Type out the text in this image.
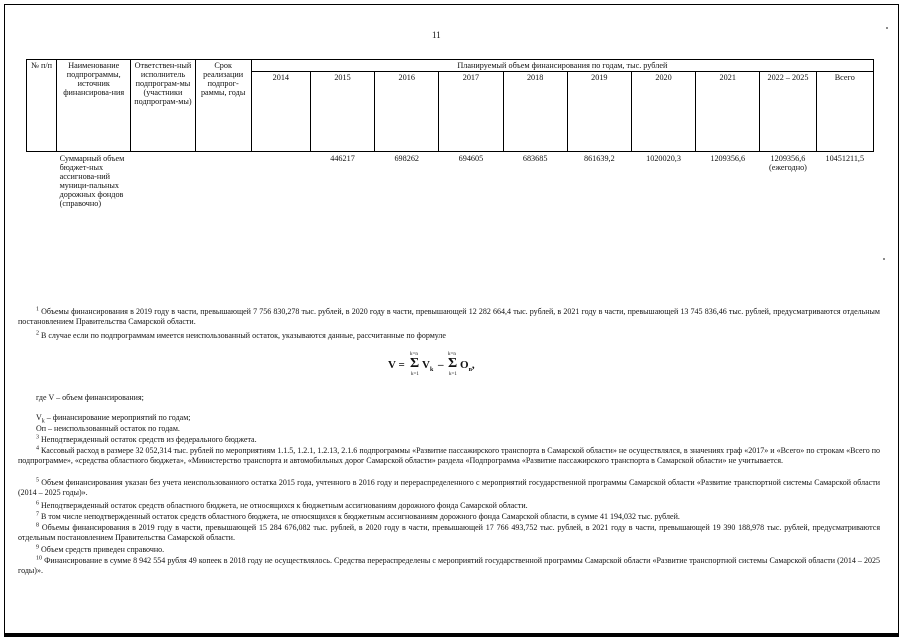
11
№ п/п	Наименование подпрограммы, источник финансирова-ния	Ответствен-ный исполнитель подпрограм-мы (участники подпрограм-мы)	Срок реализации подпрог-раммы, годы	Планируемый объем финансирования по годам, тыс. рублей									
				2014	2015	2016	2017	2018	2019	2020	2021	2022 – 2025	Всего
	Суммарный объем бюджет-ных ассигнова-ний муници-пальных дорожных фондов (справочно)				446217	698262	694605	683685	861639,2	1020020,3	1209356,6	1209356,6 (ежегодно)	10451211,5
$^1$ Объемы финансирования в 2019 году в части, превышающей 7 756 830,278 тыс. рублей, в 2020 году в части, превышающей 12 282 664,4 тыс. рублей, в 2021 году в части, превышающей 13 745 836,46 тыс. рублей, предусматриваются отдельным постановлением Правительства Самарской области.
$^2$ В случае если по подпрограммам имеется неиспользованный остаток, указываются данные, рассчитанные по формуле
V =
k=n
Σ
k=1
$V_k$ –
k=n
Σ
k=1
$O_n$,
где V – объем финансирования;
$V_k$ – финансирование мероприятий по годам;
Оп – неиспользованный остаток по годам.
$^3$ Неподтвержденный остаток средств из федерального бюджета.
$^4$ Кассовый расход в размере 32 052,314 тыс. рублей по мероприятиям 1.1.5, 1.2.1, 1.2.13, 2.1.6 подпрограммы «Развитие пассажирского транспорта в Самарской области» не осуществлялся, в значениях граф «2017» и «Всего» по строкам «Всего по подпрограмме», «средства областного бюджета», «Министерство транспорта и автомобильных дорог Самарской области» раздела «Подпрограмма «Развитие пассажирского транспорта в Самарской области» не учитывается.
$^5$ Объем финансирования указан без учета неиспользованного остатка 2015 года, учтенного в 2016 году и перераспределенного с мероприятий государственной программы Самарской области «Развитие транспортной системы Самарской области (2014 – 2025 годы)».
$^6$ Неподтвержденный остаток средств областного бюджета, не относящихся к бюджетным ассигнованиям дорожного фонда Самарской области.
$^7$ В том числе неподтвержденный остаток средств областного бюджета, не относящихся к бюджетным ассигнованиям дорожного фонда Самарской области, в сумме 41 194,032 тыс. рублей.
$^8$ Объемы финансирования в 2019 году в части, превышающей 15 284 676,082 тыс. рублей, в 2020 году в части, превышающей 17 766 493,752 тыс. рублей, в 2021 году в части, превышающей 19 390 188,978 тыс. рублей, предусматриваются отдельным постановлением Правительства Самарской области.
$^9$ Объем средств приведен справочно.
$^{10}$ Финансирование в сумме 8 942 554 рубля 49 копеек в 2018 году не осуществлялось. Средства перераспределены с мероприятий государственной программы Самарской области «Развитие транспортной системы Самарской области (2014 – 2025 годы)».
